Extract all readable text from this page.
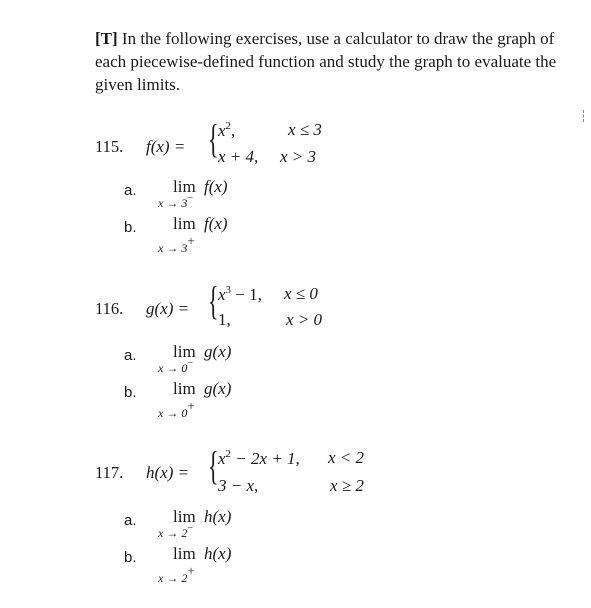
[T] In the following exercises, use a calculator to draw the graph of each piecewise-defined function and study the graph to evaluate the given limits.
115. f(x) = { $x^2$,	x ≤ 3
x + 4, x > 3
a. lim f(x)
x → 3−
b. lim f(x)
x → 3+
116. g(x) = { $x^3 - 1$, x ≤ 0
1,	x > 0
a. lim g(x)
x → 0−
b. lim g(x)
x → 0+
117. h(x) = { $x^2 - 2x + 1$, x < 2
3 − x,	x ≥ 2
a. lim h(x)
x → 2−
b. lim h(x)
x → 2+
